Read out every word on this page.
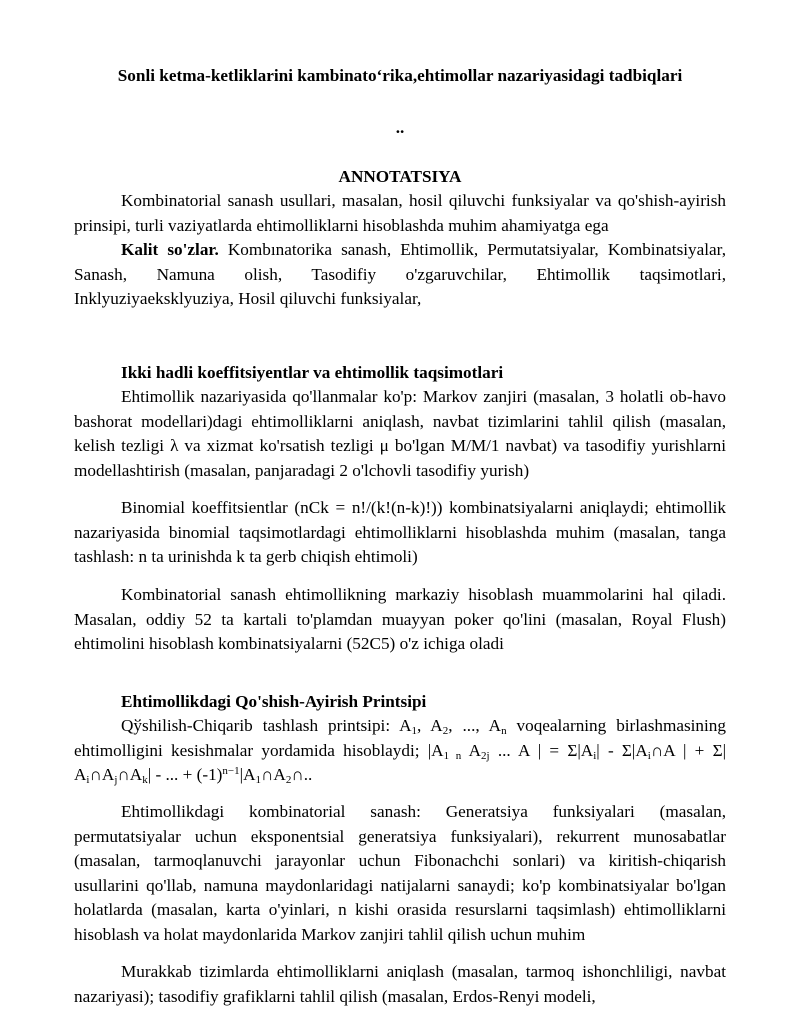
Sonli ketma-ketliklarini kambinato‘rika,ehtimollar nazariyasidagi tadbiqlari
..
ANNOTATSIYA
Kombinatorial sanash usullari, masalan, hosil qiluvchi funksiyalar va qo'shish-ayirish prinsipi, turli vaziyatlarda ehtimolliklarni hisoblashda muhim ahamiyatga ega
Kalit so'zlar. Kombınatorika sanash, Ehtimollik, Permutatsiyalar, Kombinatsiyalar, Sanash, Namuna olish, Tasodifiy o'zgaruvchilar, Ehtimollik taqsimotlari, Inklyuziyaeksklyuziya, Hosil qiluvchi funksiyalar,
Ikki hadli koeffitsiyentlar va ehtimollik taqsimotlari
Ehtimollik nazariyasida qo'llanmalar ko'p: Markov zanjiri (masalan, 3 holatli ob-havo bashorat modellari)dagi ehtimolliklarni aniqlash, navbat tizimlarini tahlil qilish (masalan, kelish tezligi λ va xizmat ko'rsatish tezligi μ bo'lgan M/M/1 navbat) va tasodifiy yurishlarni modellashtirish (masalan, panjaradagi 2 o'lchovli tasodifiy yurish)
Binomial koeffitsientlar (nCk = n!/(k!(n-k)!)) kombinatsiyalarni aniqlaydi; ehtimollik nazariyasida binomial taqsimotlardagi ehtimolliklarni hisoblashda muhim (masalan, tanga tashlash: n ta urinishda k ta gerb chiqish ehtimoli)
Kombinatorial sanash ehtimollikning markaziy hisoblash muammolarini hal qiladi. Masalan, oddiy 52 ta kartali to'plamdan muayyan poker qo'lini (masalan, Royal Flush) ehtimolini hisoblash kombinatsiyalarni (52C5) o'z ichiga oladi
Ehtimollikdagi Qo'shish-Ayirish Printsipi
Qўshilish-Chiqarib tashlash printsipi: $A_1$, $A_2$, ..., $A_n$ voqealarning birlashmasining ehtimolligini kesishmalar yordamida hisoblaydi; $|A_{1 n}$ $A_{2j}$ ... A | = $\Sigma|A_i|$ - $\Sigma|A_i\cap A$ | + Σ| $A_i\cap A_j\cap A_k|$ - ... + $(-1)^{n-1}|A_1\cap A_2\cap$..
Ehtimollikdagi kombinatorial sanash: Generatsiya funksiyalari (masalan, permutatsiyalar uchun eksponentsial generatsiya funksiyalari), rekurrent munosabatlar (masalan, tarmoqlanuvchi jarayonlar uchun Fibonachchi sonlari) va kiritish-chiqarish usullarini qo'llab, namuna maydonlaridagi natijalarni sanaydi; ko'p kombinatsiyalar bo'lgan holatlarda (masalan, karta o'yinlari, n kishi orasida resurslarni taqsimlash) ehtimolliklarni hisoblash va holat maydonlarida Markov zanjiri tahlil qilish uchun muhim
Murakkab tizimlarda ehtimolliklarni aniqlash (masalan, tarmoq ishonchliligi, navbat nazariyasi); tasodifiy grafiklarni tahlil qilish (masalan, Erdos-Renyi modeli,
